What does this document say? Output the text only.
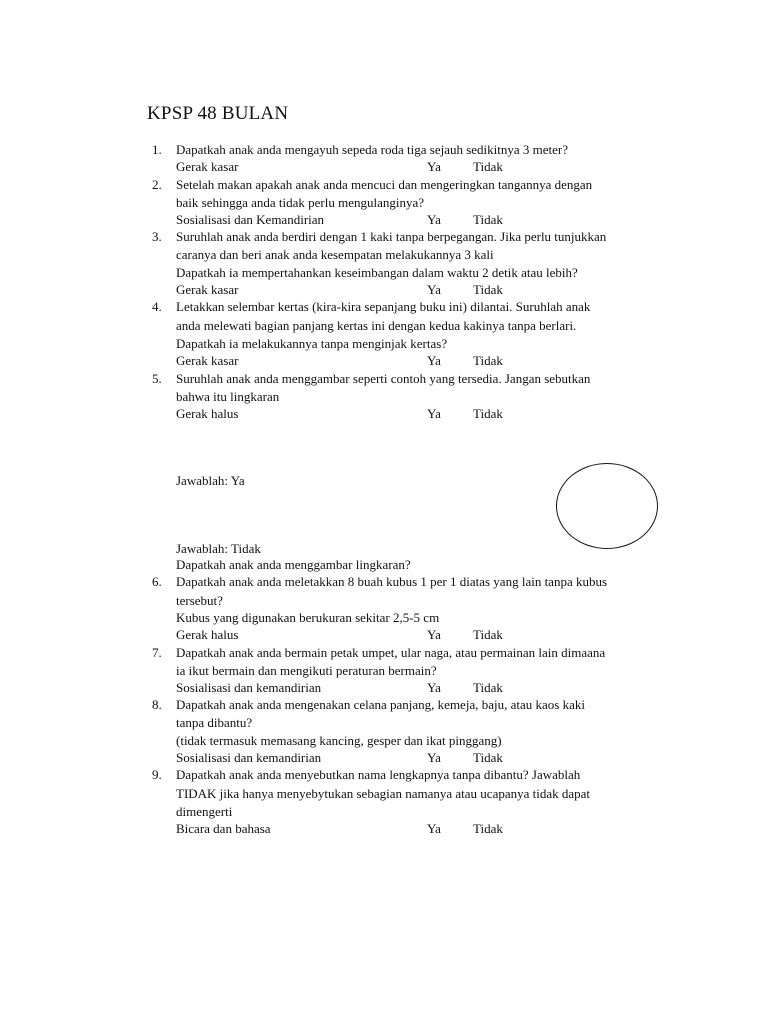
KPSP 48 BULAN
1. Dapatkah anak anda mengayuh sepeda roda tiga sejauh sedikitnya 3 meter?
Gerak kasar	Ya Tidak
2. Setelah makan apakah anak anda mencuci dan mengeringkan tangannya dengan
baik sehingga anda tidak perlu mengulanginya?
Sosialisasi dan Kemandirian	Ya Tidak
3. Suruhlah anak anda berdiri dengan 1 kaki tanpa berpegangan. Jika perlu tunjukkan
caranya dan beri anak anda kesempatan melakukannya 3 kali
Dapatkah ia mempertahankan keseimbangan dalam waktu 2 detik atau lebih?
Gerak kasar	Ya Tidak
4. Letakkan selembar kertas (kira-kira sepanjang buku ini) dilantai. Suruhlah anak
anda melewati bagian panjang kertas ini dengan kedua kakinya tanpa berlari.
Dapatkah ia melakukannya tanpa menginjak kertas?
Gerak kasar	Ya Tidak
5. Suruhlah anak anda menggambar seperti contoh yang tersedia. Jangan sebutkan
bahwa itu lingkaran
Gerak halus	Ya Tidak
Jawablah: Ya
Jawablah: Tidak
Dapatkah anak anda menggambar lingkaran?
6. Dapatkah anak anda meletakkan 8 buah kubus 1 per 1 diatas yang lain tanpa kubus
tersebut?
Kubus yang digunakan berukuran sekitar 2,5-5 cm
Gerak halus	Ya Tidak
7. Dapatkah anak anda bermain petak umpet, ular naga, atau permainan lain dimaana
ia ikut bermain dan mengikuti peraturan bermain?
Sosialisasi dan kemandirian	Ya Tidak
8. Dapatkah anak anda mengenakan celana panjang, kemeja, baju, atau kaos kaki
tanpa dibantu?
(tidak termasuk memasang kancing, gesper dan ikat pinggang)
Sosialisasi dan kemandirian	Ya Tidak
9. Dapatkah anak anda menyebutkan nama lengkapnya tanpa dibantu? Jawablah
TIDAK jika hanya menyebytukan sebagian namanya atau ucapanya tidak dapat
dimengerti
Bicara dan bahasa	Ya Tidak
